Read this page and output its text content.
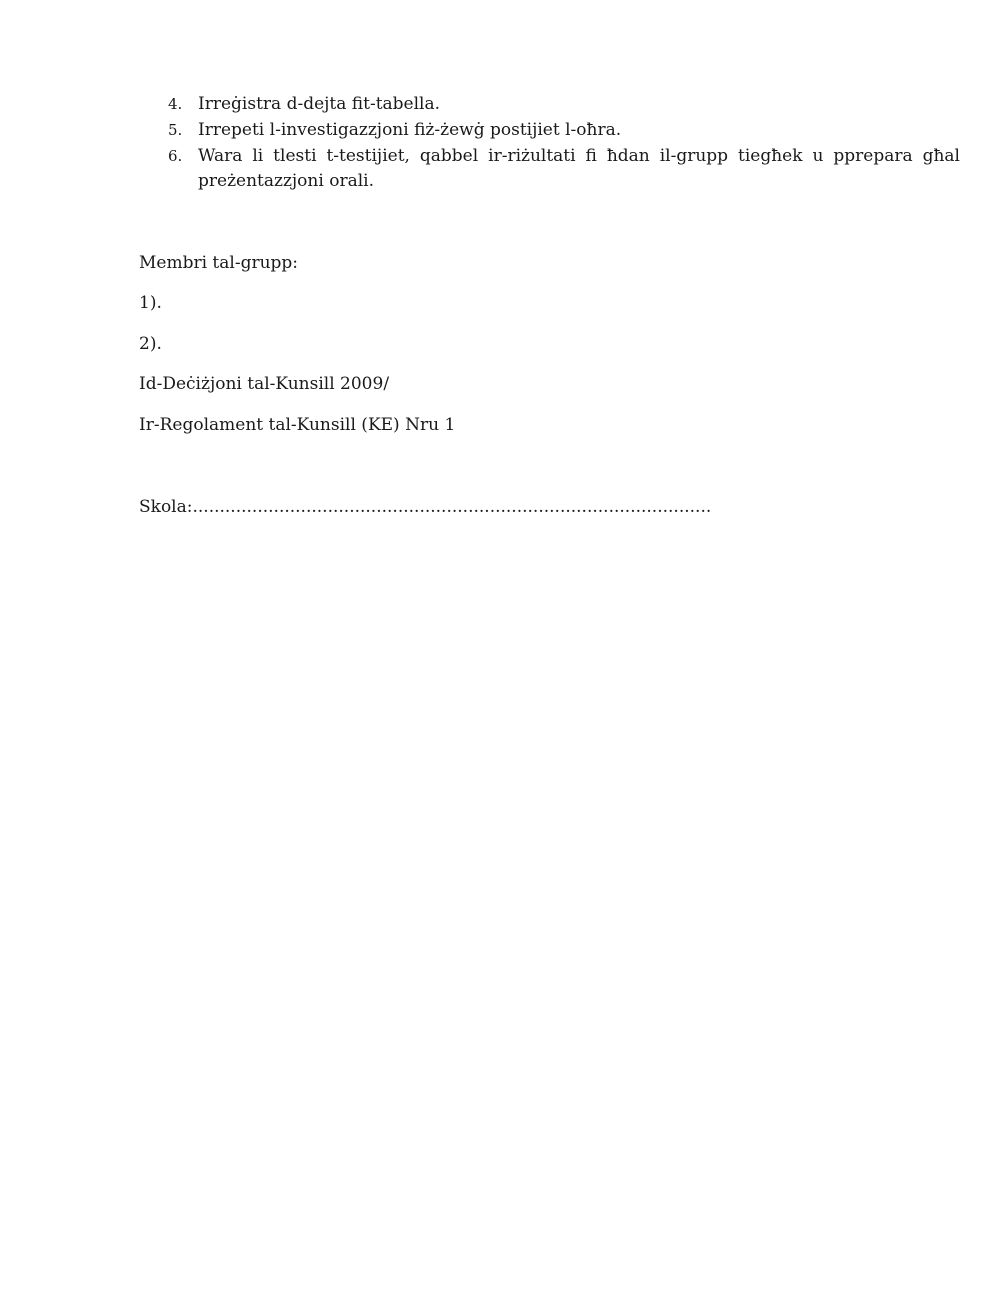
4. Irreġistra d-dejta fit-tabella.
5. Irrepeti l-investigazzjoni fiż-żewġ postijiet l-oħra.
6. Wara li tlesti t-testijiet, qabbel ir-riżultati fi ħdan il-grupp tiegħek u pprepara għal preżentazzjoni orali.
Membri tal-grupp:
1).
2).
Id-Deċiżjoni tal-Kunsill 2009/
Ir-Regolament tal-Kunsill (KE) Nru 1
Skola:................................................................................................
